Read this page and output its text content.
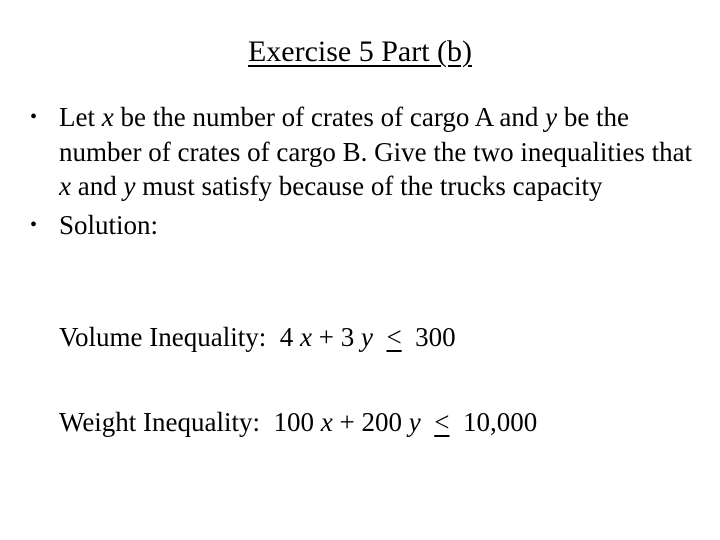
Exercise 5 Part (b)
• Let x be the number of crates of cargo A and y be the number of crates of cargo B. Give the two inequalities that x and y must satisfy because of the trucks capacity
• Solution:
Volume Inequality: 4 x + 3 y < 300
Weight Inequality: 100 x + 200 y < 10,000
